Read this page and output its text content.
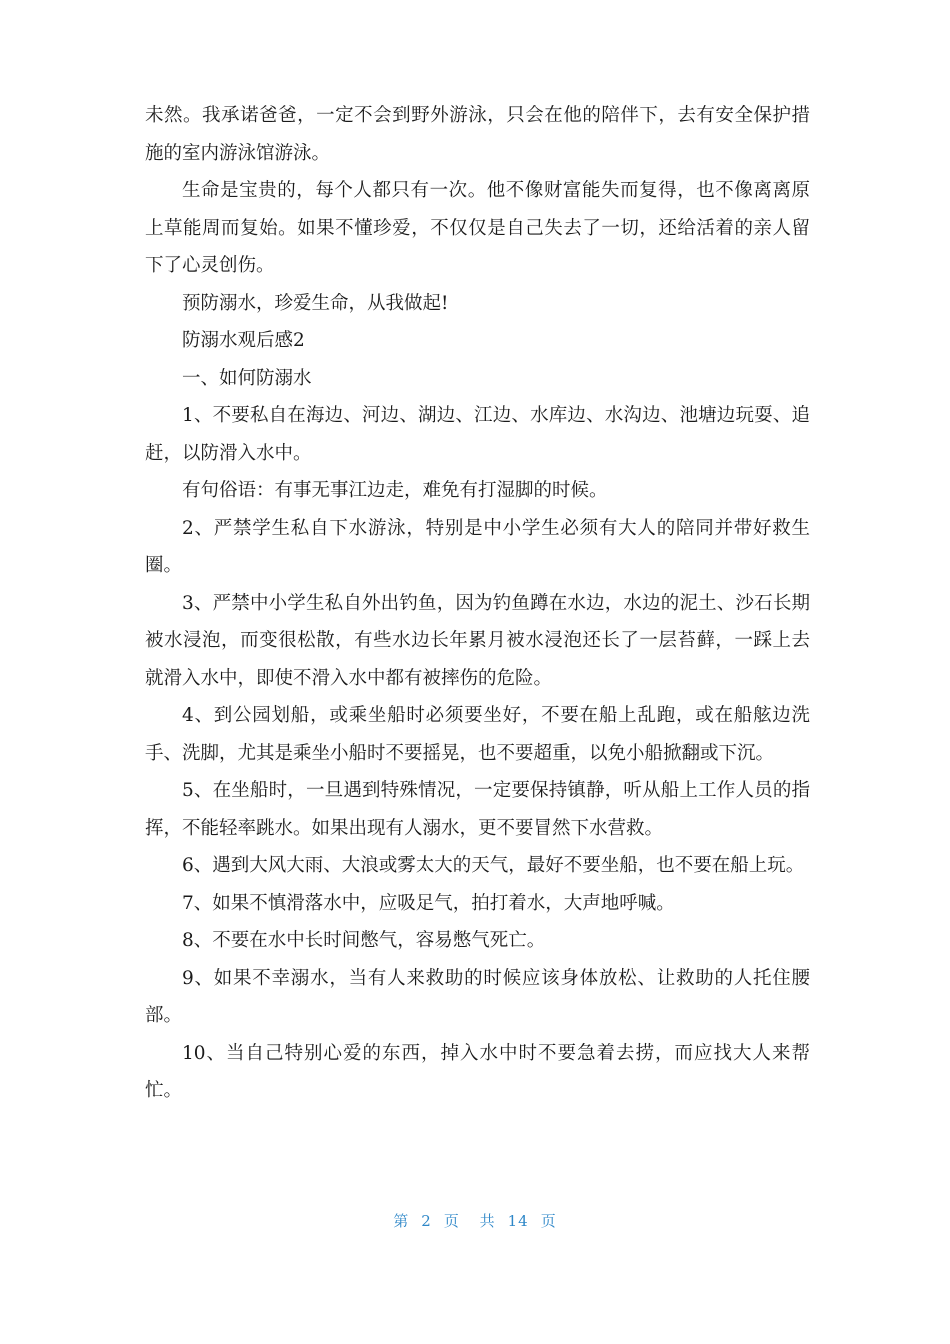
未然。我承诺爸爸，一定不会到野外游泳，只会在他的陪伴下，去有安全保护措施的室内游泳馆游泳。

生命是宝贵的，每个人都只有一次。他不像财富能失而复得，也不像离离原上草能周而复始。如果不懂珍爱，不仅仅是自己失去了一切，还给活着的亲人留下了心灵创伤。

预防溺水，珍爱生命，从我做起!

防溺水观后感2

一、如何防溺水

1、不要私自在海边、河边、湖边、江边、水库边、水沟边、池塘边玩耍、追赶，以防滑入水中。

有句俗语：有事无事江边走，难免有打湿脚的时候。

2、严禁学生私自下水游泳，特别是中小学生必须有大人的陪同并带好救生圈。

3、严禁中小学生私自外出钓鱼，因为钓鱼蹲在水边，水边的泥土、沙石长期被水浸泡，而变很松散，有些水边长年累月被水浸泡还长了一层苔藓，一踩上去就滑入水中，即使不滑入水中都有被摔伤的危险。

4、到公园划船，或乘坐船时必须要坐好，不要在船上乱跑，或在船舷边洗手、洗脚，尤其是乘坐小船时不要摇晃，也不要超重，以免小船掀翻或下沉。

5、在坐船时，一旦遇到特殊情况，一定要保持镇静，听从船上工作人员的指挥，不能轻率跳水。如果出现有人溺水，更不要冒然下水营救。

6、遇到大风大雨、大浪或雾太大的天气，最好不要坐船，也不要在船上玩。

7、如果不慎滑落水中，应吸足气，拍打着水，大声地呼喊。

8、不要在水中长时间憋气，容易憋气死亡。

9、如果不幸溺水，当有人来救助的时候应该身体放松、让救助的人托住腰部。

10、当自己特别心爱的东西，掉入水中时不要急着去捞，而应找大人来帮忙。

第 2 页 共 14 页
